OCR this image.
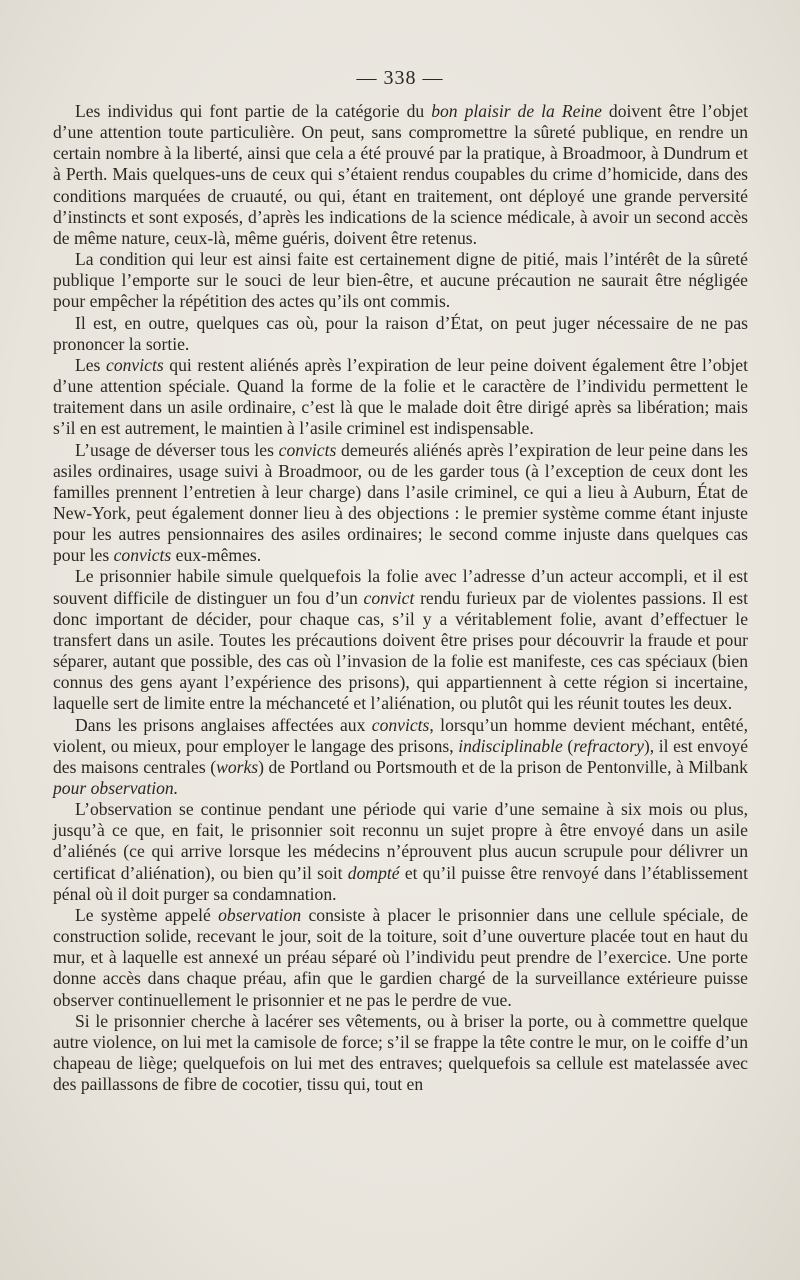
— 338 —

Les individus qui font partie de la catégorie du bon plaisir de la Reine doivent être l’objet d’une attention toute particulière. On peut, sans compromettre la sûreté publique, en rendre un certain nombre à la liberté, ainsi que cela a été prouvé par la pratique, à Broadmoor, à Dundrum et à Perth. Mais quelques-uns de ceux qui s’étaient rendus coupables du crime d’homicide, dans des conditions marquées de cruauté, ou qui, étant en traitement, ont déployé une grande perversité d’instincts et sont exposés, d’après les indications de la science médicale, à avoir un second accès de même nature, ceux-là, même guéris, doivent être retenus.

La condition qui leur est ainsi faite est certainement digne de pitié, mais l’intérêt de la sûreté publique l’emporte sur le souci de leur bien-être, et aucune précaution ne saurait être négligée pour empêcher la répétition des actes qu’ils ont commis.

Il est, en outre, quelques cas où, pour la raison d’État, on peut juger nécessaire de ne pas prononcer la sortie.

Les convicts qui restent aliénés après l’expiration de leur peine doivent également être l’objet d’une attention spéciale. Quand la forme de la folie et le caractère de l’individu permettent le traitement dans un asile ordinaire, c’est là que le malade doit être dirigé après sa libération; mais s’il en est autrement, le maintien à l’asile criminel est indispensable.

L’usage de déverser tous les convicts demeurés aliénés après l’expiration de leur peine dans les asiles ordinaires, usage suivi à Broadmoor, ou de les garder tous (à l’exception de ceux dont les familles prennent l’entretien à leur charge) dans l’asile criminel, ce qui a lieu à Auburn, État de New-York, peut également donner lieu à des objections : le premier système comme étant injuste pour les autres pensionnaires des asiles ordinaires; le second comme injuste dans quelques cas pour les convicts eux-mêmes.

Le prisonnier habile simule quelquefois la folie avec l’adresse d’un acteur accompli, et il est souvent difficile de distinguer un fou d’un convict rendu furieux par de violentes passions. Il est donc important de décider, pour chaque cas, s’il y a véritablement folie, avant d’effectuer le transfert dans un asile. Toutes les précautions doivent être prises pour découvrir la fraude et pour séparer, autant que possible, des cas où l’invasion de la folie est manifeste, ces cas spéciaux (bien connus des gens ayant l’expérience des prisons), qui appartiennent à cette région si incertaine, laquelle sert de limite entre la méchanceté et l’aliénation, ou plutôt qui les réunit toutes les deux.

Dans les prisons anglaises affectées aux convicts, lorsqu’un homme devient méchant, entêté, violent, ou mieux, pour employer le langage des prisons, indisciplinable (refractory), il est envoyé des maisons centrales (works) de Portland ou Portsmouth et de la prison de Pentonville, à Milbank pour observation.

L’observation se continue pendant une période qui varie d’une semaine à six mois ou plus, jusqu’à ce que, en fait, le prisonnier soit reconnu un sujet propre à être envoyé dans un asile d’aliénés (ce qui arrive lorsque les médecins n’éprouvent plus aucun scrupule pour délivrer un certificat d’aliénation), ou bien qu’il soit dompté et qu’il puisse être renvoyé dans l’établissement pénal où il doit purger sa condamnation.

Le système appelé observation consiste à placer le prisonnier dans une cellule spéciale, de construction solide, recevant le jour, soit de la toiture, soit d’une ouverture placée tout en haut du mur, et à laquelle est annexé un préau séparé où l’individu peut prendre de l’exercice. Une porte donne accès dans chaque préau, afin que le gardien chargé de la surveillance extérieure puisse observer continuellement le prisonnier et ne pas le perdre de vue.

Si le prisonnier cherche à lacérer ses vêtements, ou à briser la porte, ou à commettre quelque autre violence, on lui met la camisole de force; s’il se frappe la tête contre le mur, on le coiffe d’un chapeau de liège; quelquefois on lui met des entraves; quelquefois sa cellule est matelassée avec des paillassons de fibre de cocotier, tissu qui, tout en
